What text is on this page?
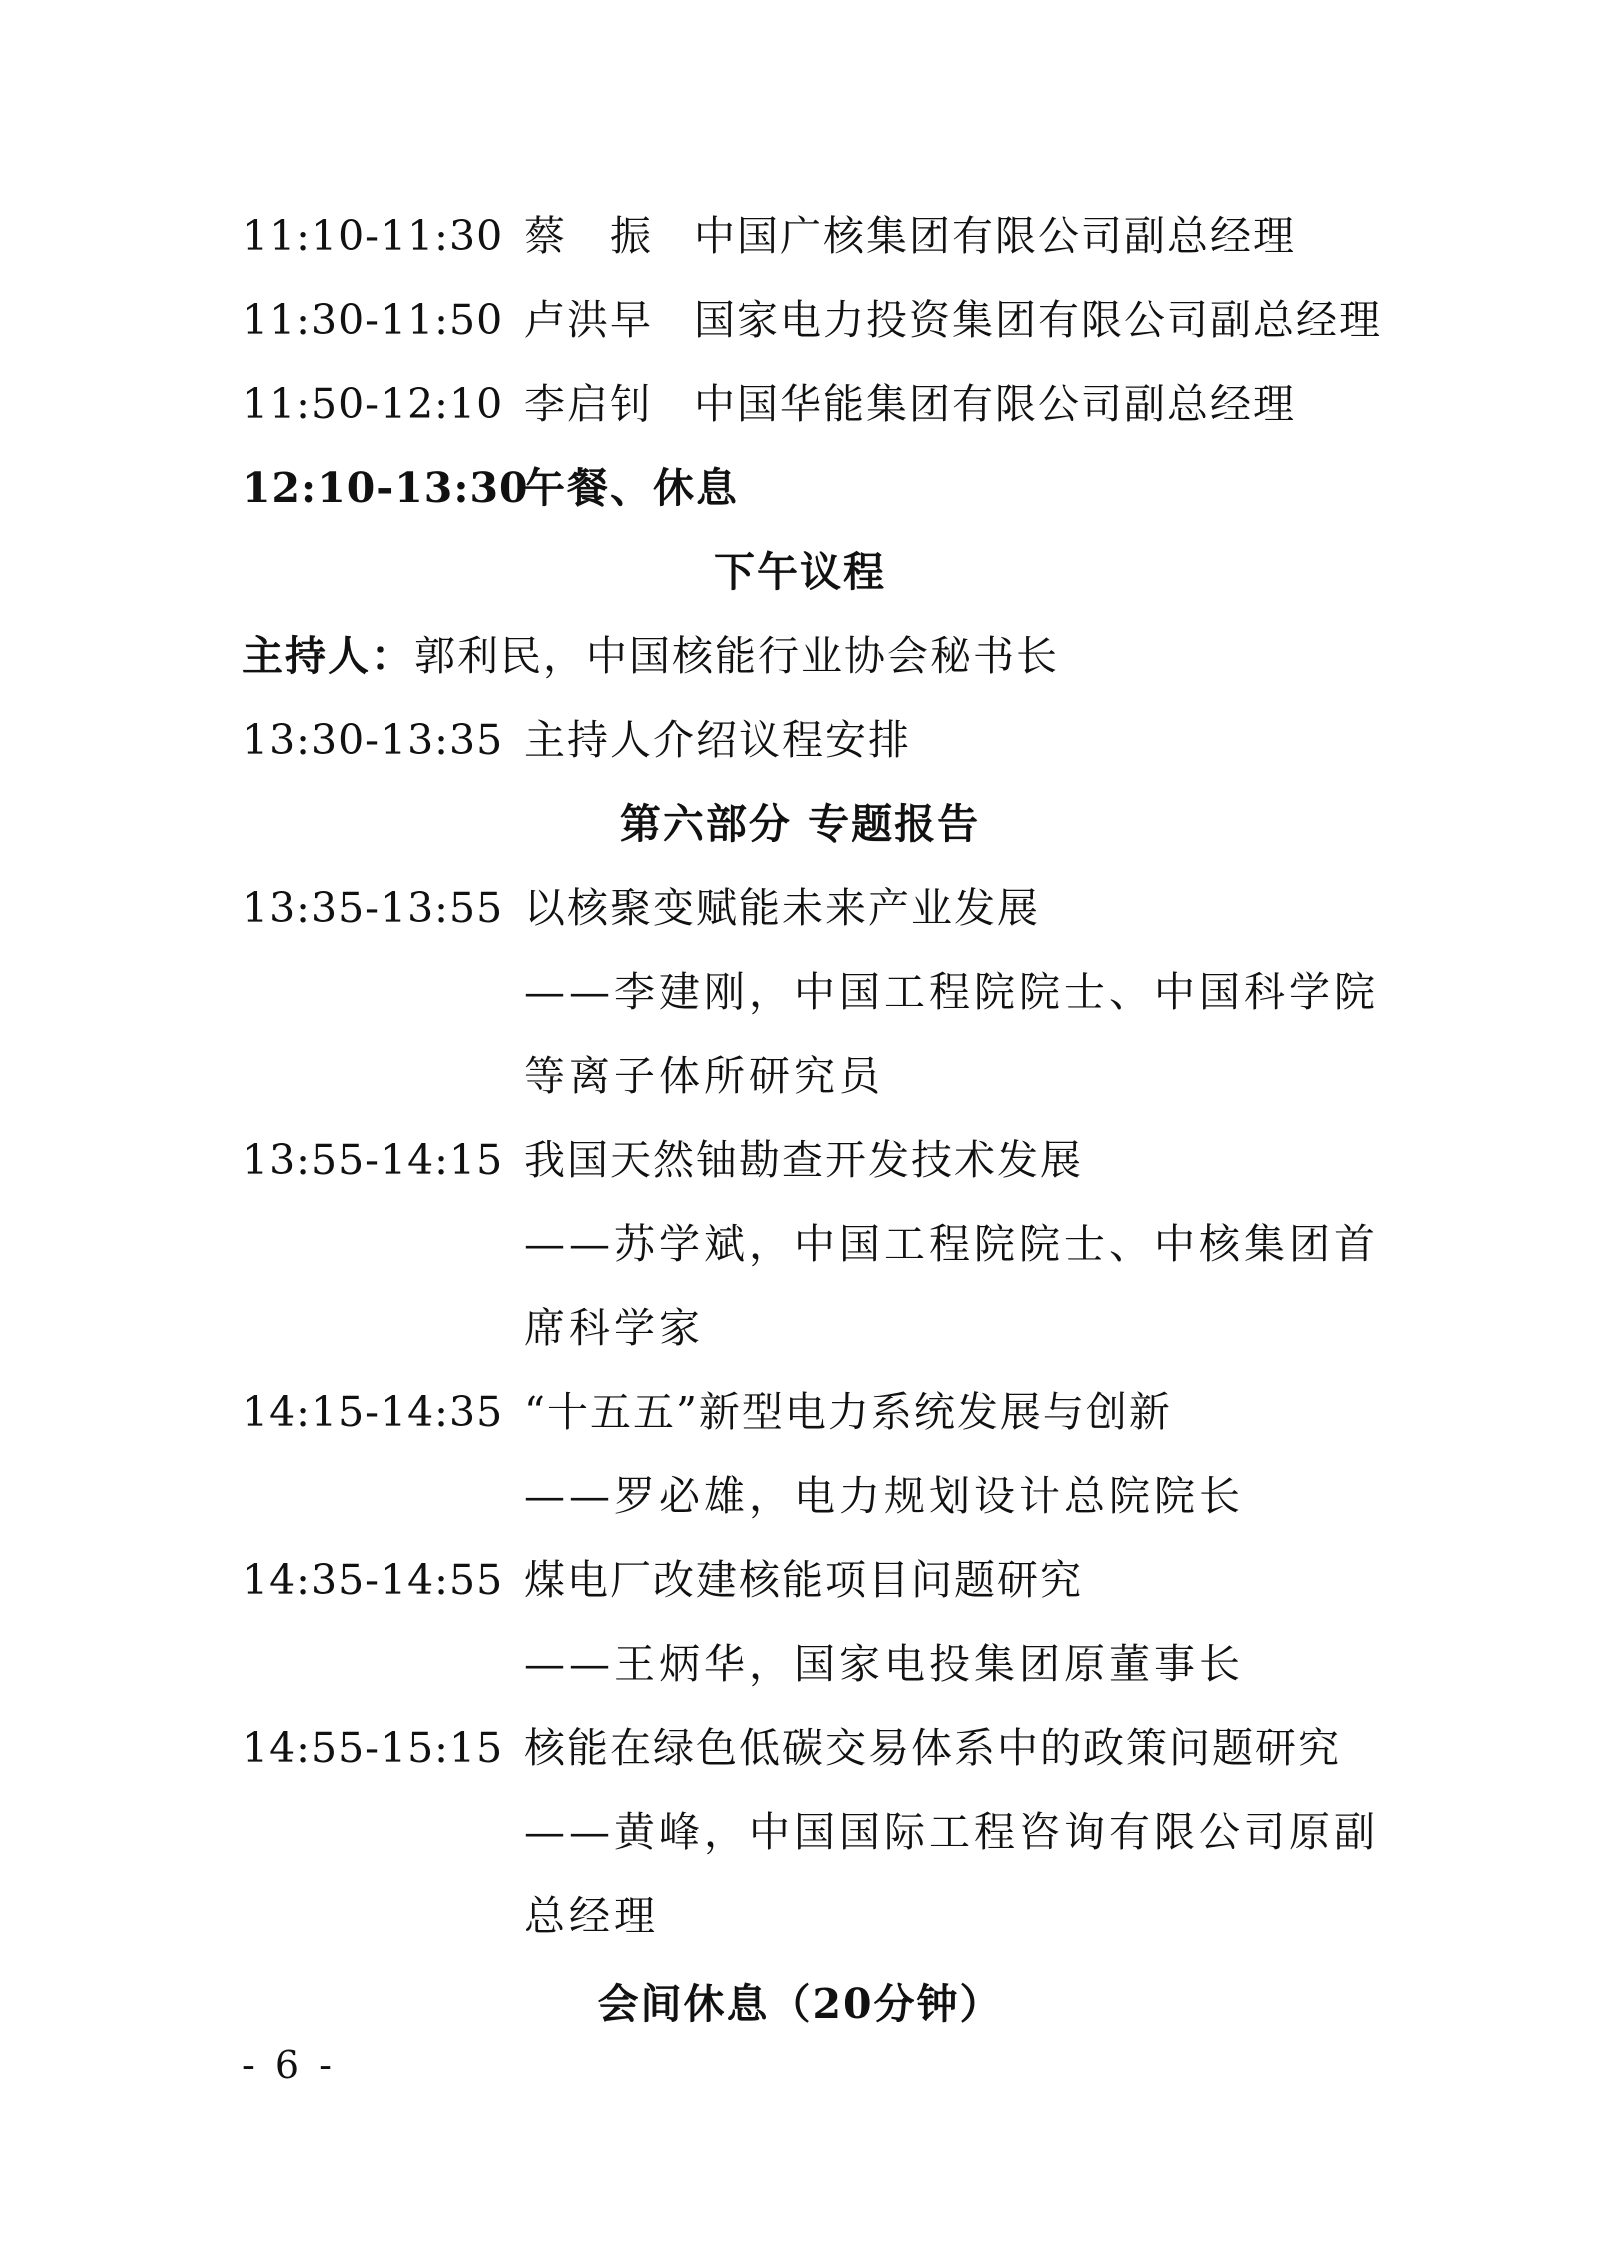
11:10-11:30 蔡　振 中国广核集团有限公司副总经理
11:30-11:50 卢洪早 国家电力投资集团有限公司副总经理
11:50-12:10 李启钊 中国华能集团有限公司副总经理
12:10-13:30
午餐、休息
下午议程
主持人：郭利民，中国核能行业协会秘书长
13:30-13:35 主持人介绍议程安排
第六部分 专题报告
13:35-13:55 以核聚变赋能未来产业发展
——李建刚，中国工程院院士、中国科学院
等离子体所研究员
13:55-14:15 我国天然铀勘查开发技术发展
——苏学斌，中国工程院院士、中核集团首
席科学家
14:15-14:35 “十五五”新型电力系统发展与创新
——罗必雄，电力规划设计总院院长
14:35-14:55 煤电厂改建核能项目问题研究
——王炳华，国家电投集团原董事长
14:55-15:15 核能在绿色低碳交易体系中的政策问题研究
——黄峰，中国国际工程咨询有限公司原副
总经理
会间休息（20分钟）
- 6 -
